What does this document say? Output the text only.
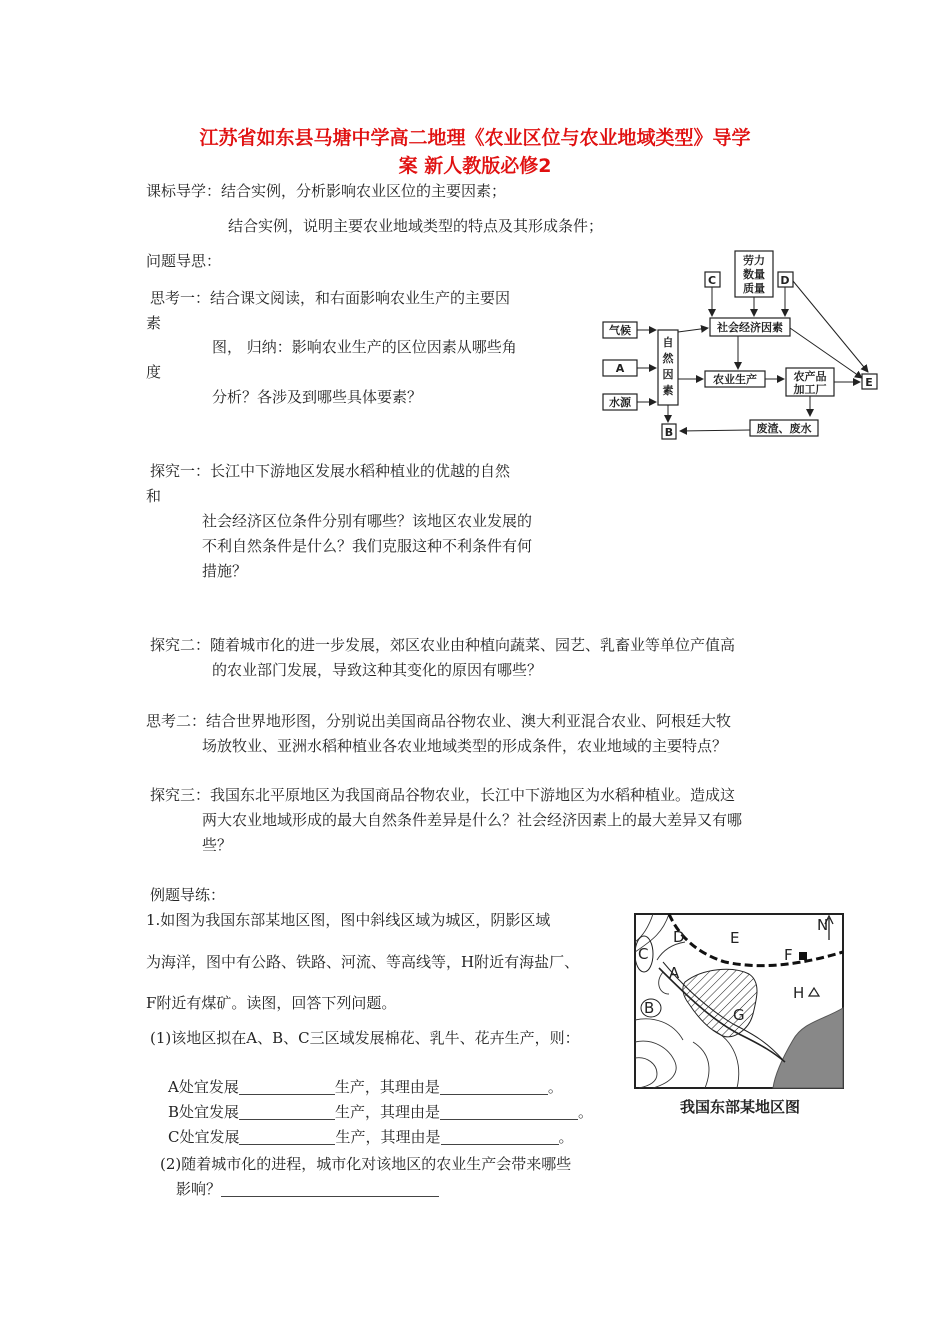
江苏省如东县马塘中学高二地理《农业区位与农业地域类型》导学
案 新人教版必修2
课标导学：结合实例，分析影响农业区位的主要因素；
结合实例，说明主要农业地域类型的特点及其形成条件；
问题导思：
思考一：结合课文阅读，和右面影响农业生产的主要因
素
图， 归纳：影响农业生产的区位因素从哪些角
度
分析？各涉及到哪些具体要素？
劳力
数量
质量
C	D
气候
A
水源
自
然
因
素
社会经济因素
农业生产	农产品
加工厂
E
B	废渣、废水
探究一：长江中下游地区发展水稻种植业的优越的自然
和
社会经济区位条件分别有哪些？该地区农业发展的
不利自然条件是什么？我们克服这种不利条件有何
措施？
探究二：随着城市化的进一步发展，郊区农业由种植向蔬菜、园艺、乳畜业等单位产值高
的农业部门发展，导致这种其变化的原因有哪些？
思考二：结合世界地形图，分别说出美国商品谷物农业、澳大利亚混合农业、阿根廷大牧
场放牧业、亚洲水稻种植业各农业地域类型的形成条件，农业地域的主要特点？
探究三：我国东北平原地区为我国商品谷物农业，长江中下游地区为水稻种植业。造成这
两大农业地域形成的最大自然条件差异是什么？社会经济因素上的最大差异又有哪
些？
例题导练：
1.如图为我国东部某地区图，图中斜线区域为城区，阴影区域
为海洋，图中有公路、铁路、河流、等高线等，H附近有海盐厂、
F附近有煤矿。读图，回答下列问题。
(1)该地区拟在A、B、C三区域发展棉花、乳牛、花卉生产，则：
A处宜发展	生产，其理由是	。
B处宜发展	生产，其理由是	。
C处宜发展	生产，其理由是	。
(2)随着城市化的进程，城市化对该地区的农业生产会带来哪些
影响？
N
C
D	E
F
A
H
B	G
我国东部某地区图
